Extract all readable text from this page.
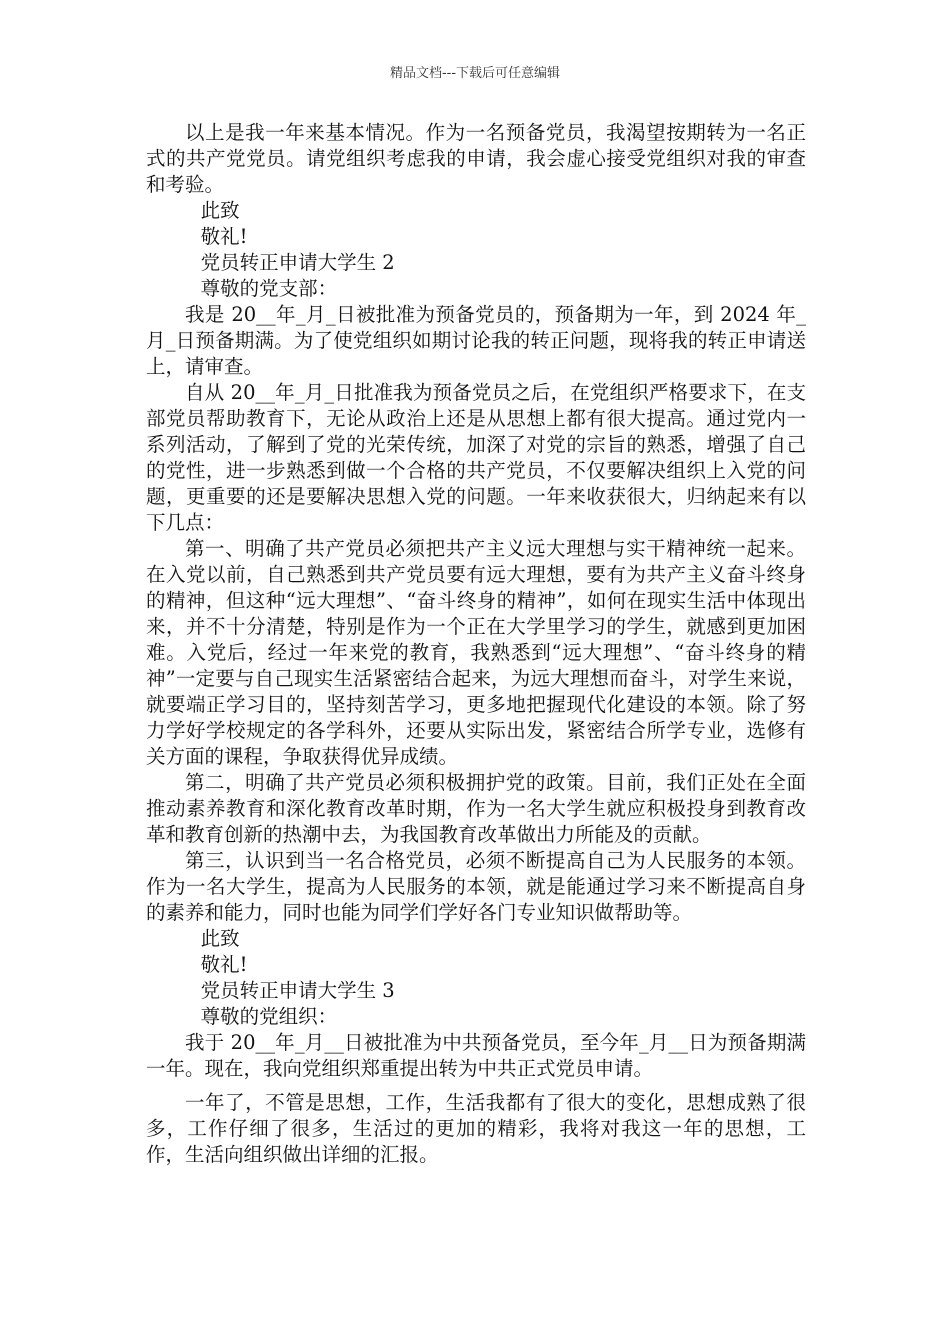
精品文档---下载后可任意编辑

以上是我一年来基本情况。作为一名预备党员，我渴望按期转为一名正式的共产党党员。请党组织考虑我的申请，我会虚心接受党组织对我的审查和考验。

此致

敬礼!

党员转正申请大学生 2

尊敬的党支部：

我是 20__年_月_日被批准为预备党员的，预备期为一年，到 2024 年_月_日预备期满。为了使党组织如期讨论我的转正问题，现将我的转正申请送上，请审查。

自从 20__年_月_日批准我为预备党员之后，在党组织严格要求下，在支部党员帮助教育下，无论从政治上还是从思想上都有很大提高。通过党内一系列活动，了解到了党的光荣传统，加深了对党的宗旨的熟悉，增强了自己的党性，进一步熟悉到做一个合格的共产党员，不仅要解决组织上入党的问题，更重要的还是要解决思想入党的问题。一年来收获很大，归纳起来有以下几点：

第一、明确了共产党员必须把共产主义远大理想与实干精神统一起来。在入党以前，自己熟悉到共产党员要有远大理想，要有为共产主义奋斗终身的精神，但这种“远大理想”、“奋斗终身的精神”，如何在现实生活中体现出来，并不十分清楚，特别是作为一个正在大学里学习的学生，就感到更加困难。入党后，经过一年来党的教育，我熟悉到“远大理想”、“奋斗终身的精神”一定要与自己现实生活紧密结合起来，为远大理想而奋斗，对学生来说，就要端正学习目的，坚持刻苦学习，更多地把握现代化建设的本领。除了努力学好学校规定的各学科外，还要从实际出发，紧密结合所学专业，选修有关方面的课程，争取获得优异成绩。

第二，明确了共产党员必须积极拥护党的政策。目前，我们正处在全面推动素养教育和深化教育改革时期，作为一名大学生就应积极投身到教育改革和教育创新的热潮中去，为我国教育改革做出力所能及的贡献。

第三，认识到当一名合格党员，必须不断提高自己为人民服务的本领。作为一名大学生，提高为人民服务的本领，就是能通过学习来不断提高自身的素养和能力，同时也能为同学们学好各门专业知识做帮助等。

此致

敬礼!

党员转正申请大学生 3

尊敬的党组织：

我于 20__年_月__日被批准为中共预备党员，至今年_月__日为预备期满一年。现在，我向党组织郑重提出转为中共正式党员申请。

一年了，不管是思想，工作，生活我都有了很大的变化，思想成熟了很多，工作仔细了很多，生活过的更加的精彩，我将对我这一年的思想，工作，生活向组织做出详细的汇报。
